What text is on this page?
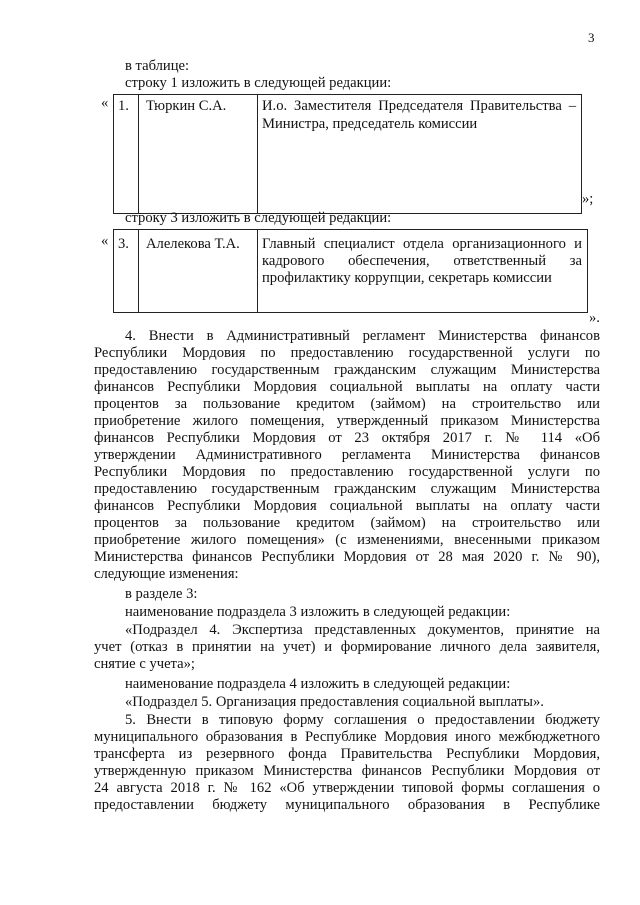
3
в таблице:
строку 1 изложить в следующей редакции:
« 1. Тюркин С.А. И.о. Заместителя Председателя Правительства –
Министра, председатель комиссии
»;
строку 3 изложить в следующей редакции:
« 3. Алелекова Т.А. Главный специалист отдела организационного и
кадрового обеспечения, ответственный за
профилактику коррупции, секретарь комиссии
».
4. Внести в Административный регламент Министерства финансов
Республики Мордовия по предоставлению государственной услуги по
предоставлению государственным гражданским служащим Министерства
финансов Республики Мордовия социальной выплаты на оплату части
процентов за пользование кредитом (займом) на строительство или
приобретение жилого помещения, утвержденный приказом Министерства
финансов Республики Мордовия от 23 октября 2017 г. № 114 «Об
утверждении Административного регламента Министерства финансов
Республики Мордовия по предоставлению государственной услуги по
предоставлению государственным гражданским служащим Министерства
финансов Республики Мордовия социальной выплаты на оплату части
процентов за пользование кредитом (займом) на строительство или
приобретение жилого помещения» (с изменениями, внесенными приказом
Министерства финансов Республики Мордовия от 28 мая 2020 г. № 90),
следующие изменения:
в разделе 3:
наименование подраздела 3 изложить в следующей редакции:
«Подраздел 4. Экспертиза представленных документов, принятие на
учет (отказ в принятии на учет) и формирование личного дела заявителя,
снятие с учета»;
наименование подраздела 4 изложить в следующей редакции:
«Подраздел 5. Организация предоставления социальной выплаты».
5. Внести в типовую форму соглашения о предоставлении бюджету
муниципального образования в Республике Мордовия иного межбюджетного
трансферта из резервного фонда Правительства Республики Мордовия,
утвержденную приказом Министерства финансов Республики Мордовия от
24 августа 2018 г. № 162 «Об утверждении типовой формы соглашения о
предоставлении бюджету муниципального образования в Республике
